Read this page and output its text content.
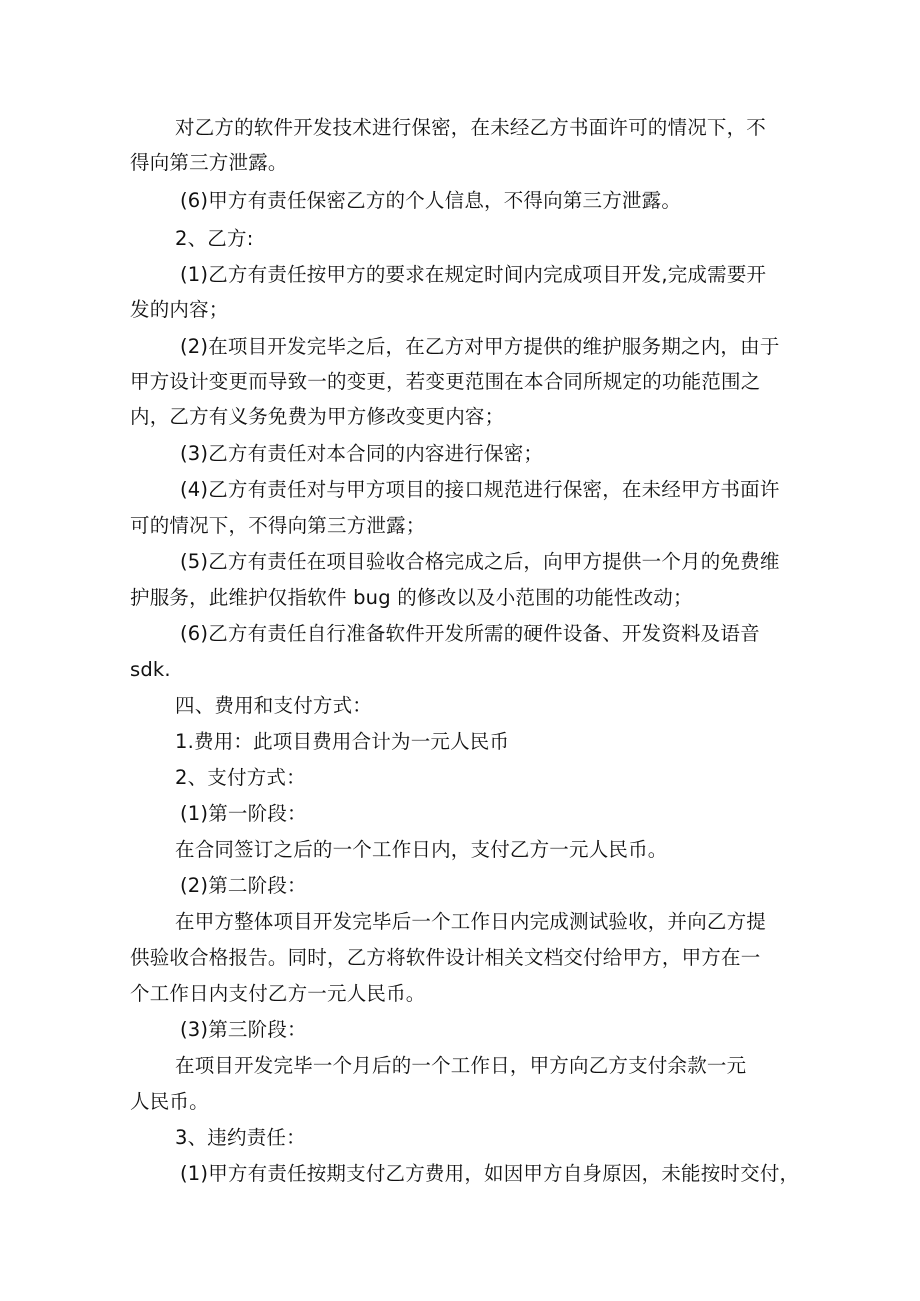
对乙方的软件开发技术进行保密，在未经乙方书面许可的情况下，不

得向第三方泄露。

(6)甲方有责任保密乙方的个人信息，不得向第三方泄露。

2、乙方:

(1)乙方有责任按甲方的要求在规定时间内完成项目开发,完成需要开

发的内容；

(2)在项目开发完毕之后，在乙方对甲方提供的维护服务期之内，由于

甲方设计变更而导致一的变更，若变更范围在本合同所规定的功能范围之

内，乙方有义务免费为甲方修改变更内容；

(3)乙方有责任对本合同的内容进行保密；

(4)乙方有责任对与甲方项目的接口规范进行保密，在未经甲方书面许

可的情况下，不得向第三方泄露；

(5)乙方有责任在项目验收合格完成之后，向甲方提供一个月的免费维

护服务，此维护仅指软件 bug 的修改以及小范围的功能性改动；

(6)乙方有责任自行准备软件开发所需的硬件设备、开发资料及语音

sdk.

四、费用和支付方式：

1.费用：此项目费用合计为一元人民币

2、支付方式：

(1)第一阶段：

在合同签订之后的一个工作日内，支付乙方一元人民币。

(2)第二阶段：

在甲方整体项目开发完毕后一个工作日内完成测试验收，并向乙方提

供验收合格报告。同时，乙方将软件设计相关文档交付给甲方，甲方在一

个工作日内支付乙方一元人民币。

(3)第三阶段：

在项目开发完毕一个月后的一个工作日，甲方向乙方支付余款一元

人民币。

3、违约责任：

(1)甲方有责任按期支付乙方费用，如因甲方自身原因，未能按时交付，
